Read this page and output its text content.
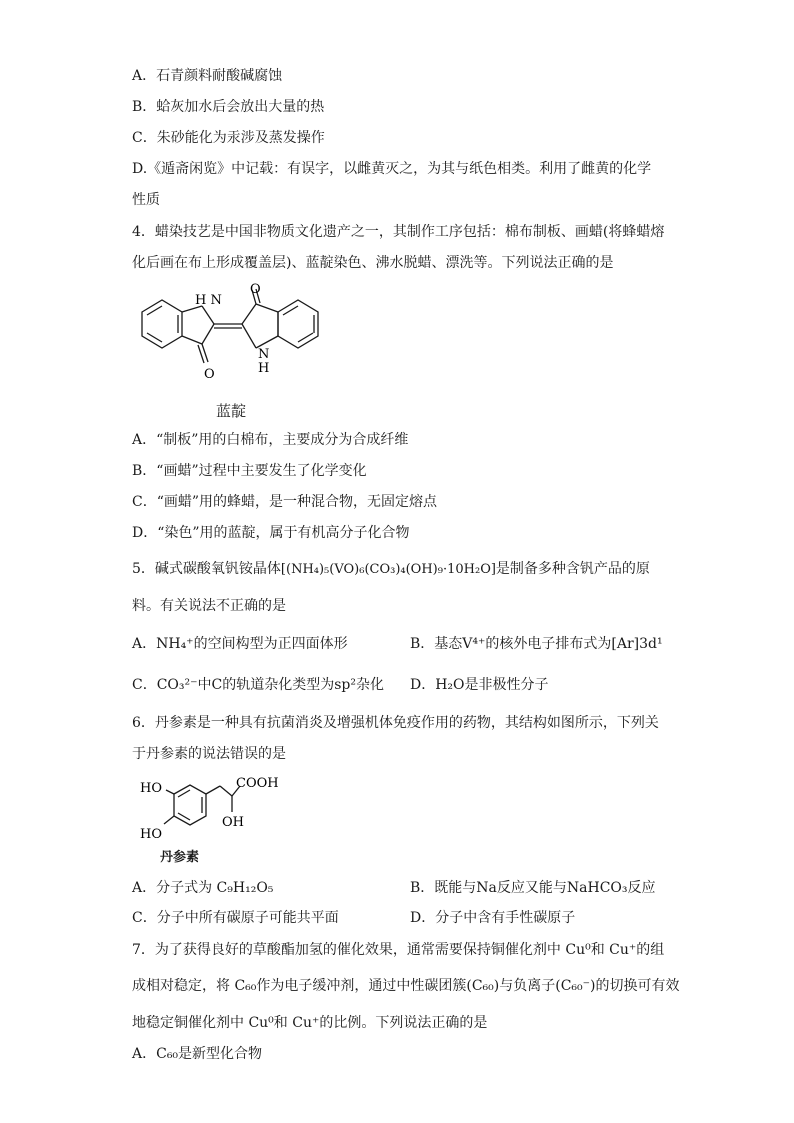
A．石青颜料耐酸碱腐蚀
B．蛤灰加水后会放出大量的热
C．朱砂能化为汞涉及蒸发操作
D.《遁斋闲览》中记载：有误字，以雌黄灭之，为其与纸色相类。利用了雌黄的化学
性质
4．蜡染技艺是中国非物质文化遗产之一，其制作工序包括：棉布制板、画蜡(将蜂蜡熔
化后画在布上形成覆盖层)、蓝靛染色、沸水脱蜡、漂洗等。下列说法正确的是
H N
O
O
N
H
蓝靛
A．“制板”用的白棉布，主要成分为合成纤维
B．“画蜡”过程中主要发生了化学变化
C．“画蜡”用的蜂蜡，是一种混合物，无固定熔点
D．“染色”用的蓝靛，属于有机高分子化合物
5．碱式碳酸氧钒铵晶体[(NH₄)₅(VO)₆(CO₃)₄(OH)₉·10H₂O]是制备多种含钒产品的原
料。有关说法不正确的是
A．NH₄⁺的空间构型为正四面体形	B．基态V⁴⁺的核外电子排布式为[Ar]3d¹
C．CO₃²⁻中C的轨道杂化类型为sp²杂化 D．H₂O是非极性分子
6．丹参素是一种具有抗菌消炎及增强机体免疫作用的药物，其结构如图所示，下列关
于丹参素的说法错误的是
HO	COOH
HO
OH
丹参素
A．分子式为 C₉H₁₂O₅	B．既能与Na反应又能与NaHCO₃反应
C．分子中所有碳原子可能共平面	D．分子中含有手性碳原子
7．为了获得良好的草酸酯加氢的催化效果，通常需要保持铜催化剂中 Cu⁰和 Cu⁺的组
成相对稳定，将 C₆₀作为电子缓冲剂，通过中性碳团簇(C₆₀)与负离子(C₆₀⁻)的切换可有效
地稳定铜催化剂中 Cu⁰和 Cu⁺的比例。下列说法正确的是
A．C₆₀是新型化合物
